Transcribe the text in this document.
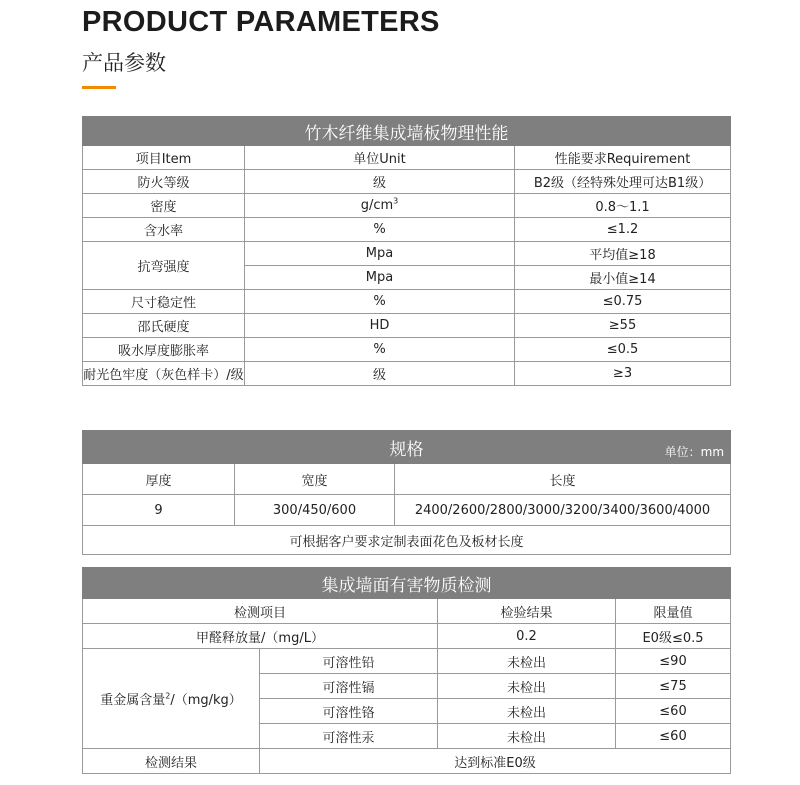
PRODUCT PARAMETERS
产品参数
竹木纤维集成墙板物理性能		
项目Item	单位Unit	性能要求Requirement
防火等级	级	B2级（经特殊处理可达B1级）
密度	$g/cm^3$	0.8～1.1
含水率	%	≤1.2
抗弯强度	Mpa	平均值≥18
	Mpa	最小值≥14
尺寸稳定性	%	≤0.75
邵氏硬度	HD	≥55
吸水厚度膨胀率	%	≤0.5
耐光色牢度（灰色样卡）/级	级	≥3
规格 单位：mm		

厚度	宽度	长度
9	300/450/600	2400/2600/2800/3000/3200/3400/3600/4000
可根据客户要求定制表面花色及板材长度		
集成墙面有害物质检测			
检测项目		检验结果	限量值
甲醛释放量/（mg/L）		0.2	E0级≤0.5
重金属含量$^2$/（mg/kg）	可溶性铅	未检出	≤90
	可溶性镉	未检出	≤75
	可溶性铬	未检出	≤60
	可溶性汞	未检出	≤60
检测结果	达到标准E0级		
